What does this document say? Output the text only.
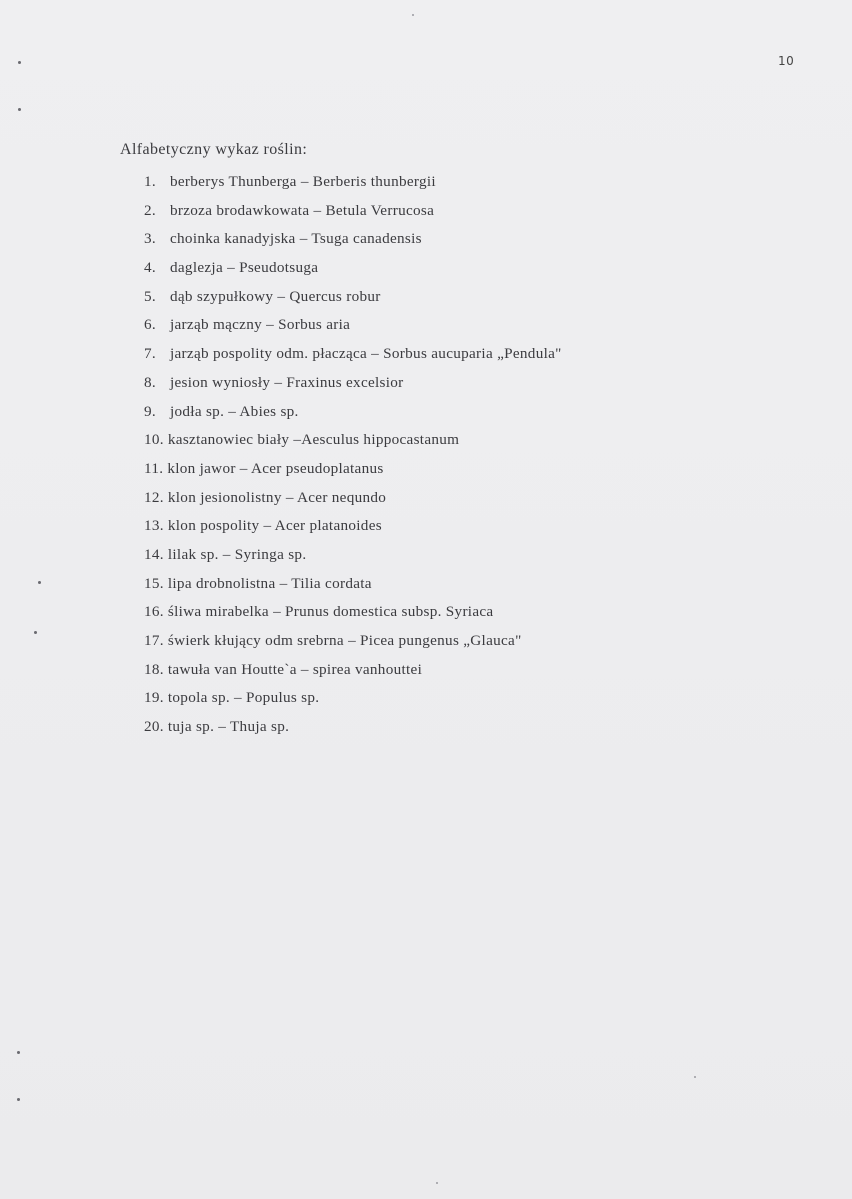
10
Alfabetyczny wykaz roślin:
1. berberys Thunberga – Berberis thunbergii
2. brzoza brodawkowata – Betula Verrucosa
3. choinka kanadyjska – Tsuga canadensis
4. daglezja – Pseudotsuga
5. dąb szypułkowy – Quercus robur
6. jarząb mączny – Sorbus aria
7. jarząb pospolity odm. płacząca – Sorbus aucuparia „Pendula"
8. jesion wyniosły – Fraxinus excelsior
9. jodła sp. – Abies sp.
10. kasztanowiec biały –Aesculus hippocastanum
11. klon jawor – Acer pseudoplatanus
12. klon jesionolistny – Acer nequndo
13. klon pospolity – Acer platanoides
14. lilak sp. – Syringa sp.
15. lipa drobnolistna – Tilia cordata
16. śliwa mirabelka – Prunus domestica subsp. Syriaca
17. świerk kłujący odm srebrna – Picea pungenus „Glauca"
18. tawuła van Houtte`a – spirea vanhouttei
19. topola sp. – Populus sp.
20. tuja sp. – Thuja sp.
